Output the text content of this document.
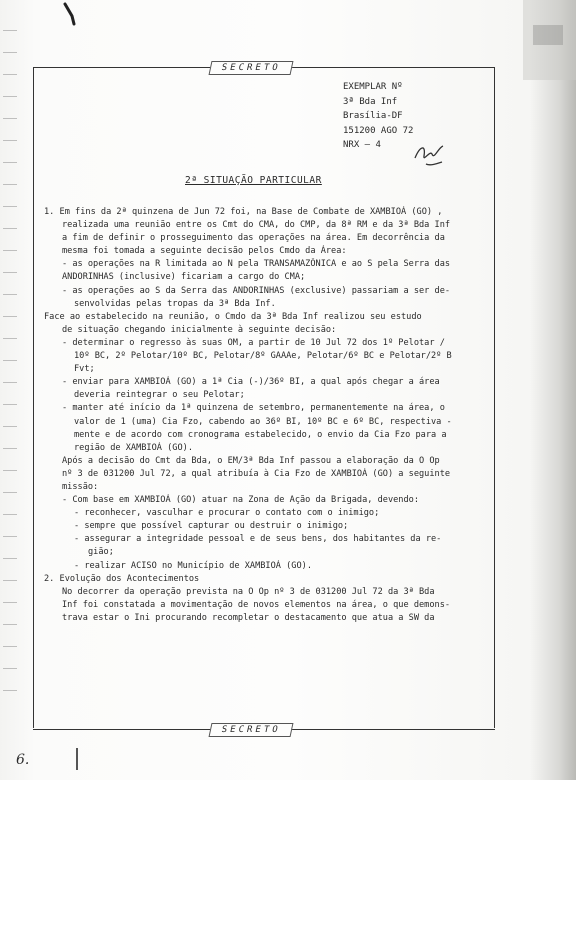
SECRETO
SECRETO
EXEMPLAR Nº
3ª Bda Inf
Brasília-DF
151200 AGO 72
NRX – 4
2ª SITUAÇÃO PARTICULAR
1. Em fins da 2ª quinzena de Jun 72 foi, na Base de Combate de XAMBIOÁ (GO) ,
realizada uma reunião entre os Cmt do CMA, do CMP, da 8ª RM e da 3ª Bda Inf
a fim de definir o prosseguimento das operações na área. Em decorrência da
mesma foi tomada a seguinte decisão pelos Cmdo da Área:
- as operações na R limitada ao N pela TRANSAMAZÔNICA e ao S pela Serra das
ANDORINHAS (inclusive) ficariam a cargo do CMA;
- as operações ao S da Serra das ANDORINHAS (exclusive) passariam a ser de-
senvolvidas pelas tropas da 3ª Bda Inf.
Face ao estabelecido na reunião, o Cmdo da 3ª Bda Inf realizou seu estudo
de situação chegando inicialmente à seguinte decisão:
- determinar o regresso às suas OM, a partir de 10 Jul 72 dos 1º Pelotar /
10º BC, 2º Pelotar/10º BC, Pelotar/8º GAAAe, Pelotar/6º BC e Pelotar/2º B
Fvt;
- enviar para XAMBIOÁ (GO) a 1ª Cia (-)/36º BI, a qual após chegar a área
deveria reintegrar o seu Pelotar;
- manter até início da 1ª quinzena de setembro, permanentemente na área, o
valor de 1 (uma) Cia Fzo, cabendo ao 36º BI, 10º BC e 6º BC, respectiva -
mente e de acordo com cronograma estabelecido, o envio da Cia Fzo para a
região de XAMBIOÁ (GO).
Após a decisão do Cmt da Bda, o EM/3ª Bda Inf passou a elaboração da O Op
nº 3 de 031200 Jul 72, a qual atribuía à Cia Fzo de XAMBIOÁ (GO) a seguinte
missão:
- Com base em XAMBIOÁ (GO) atuar na Zona de Ação da Brigada, devendo:
- reconhecer, vasculhar e procurar o contato com o inimigo;
- sempre que possível capturar ou destruir o inimigo;
- assegurar a integridade pessoal e de seus bens, dos habitantes da re-
gião;
- realizar ACISO no Município de XAMBIOÁ (GO).
2. Evolução dos Acontecimentos
No decorrer da operação prevista na O Op nº 3 de 031200 Jul 72 da 3ª Bda
Inf foi constatada a movimentação de novos elementos na área, o que demons-
trava estar o Ini procurando recompletar o destacamento que atua a SW da
6.
